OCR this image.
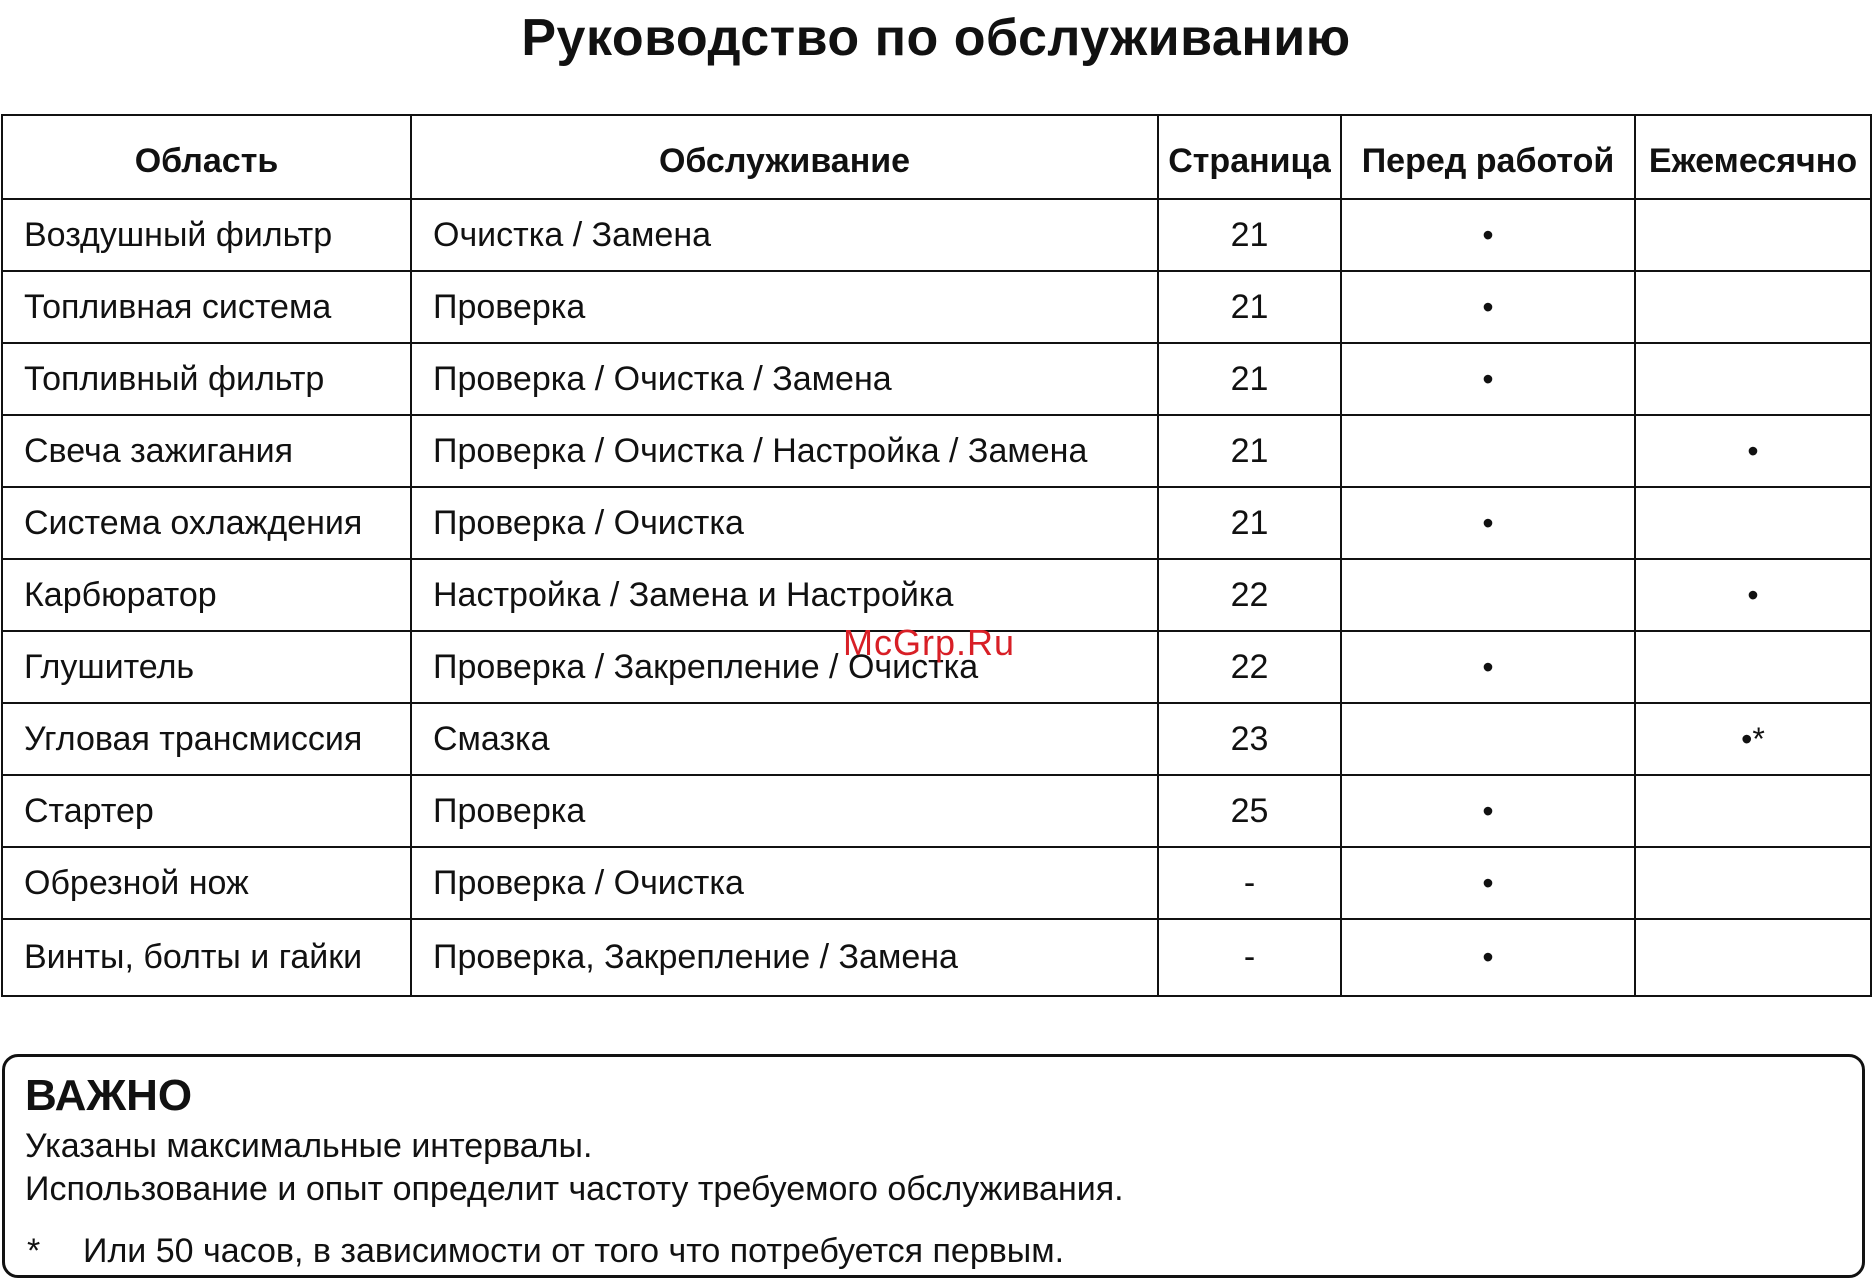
Руководство по обслуживанию
Область	Обслуживание	Страница	Перед работой	Ежемесячно
Воздушный фильтр	Очистка / Замена	21	•	
Топливная система	Проверка	21	•	
Топливный фильтр	Проверка / Очистка / Замена	21	•	
Свеча зажигания	Проверка / Очистка / Настройка / Замена	21		•
Система охлаждения	Проверка / Очистка	21	•	
Карбюратор	Настройка / Замена и Настройка	22		•
Глушитель	Проверка / Закрепление / Очистка	22	•	
Угловая трансмиссия	Смазка	23		•*
Стартер	Проверка	25	•	
Обрезной нож	Проверка / Очистка	-	•	
Винты, болты и гайки	Проверка, Закрепление / Замена	-	•	
McGrp.Ru
ВАЖНО
Указаны максимальные интервалы.
Использование и опыт определит частоту требуемого обслуживания.
* Или 50 часов, в зависимости от того что потребуется первым.
